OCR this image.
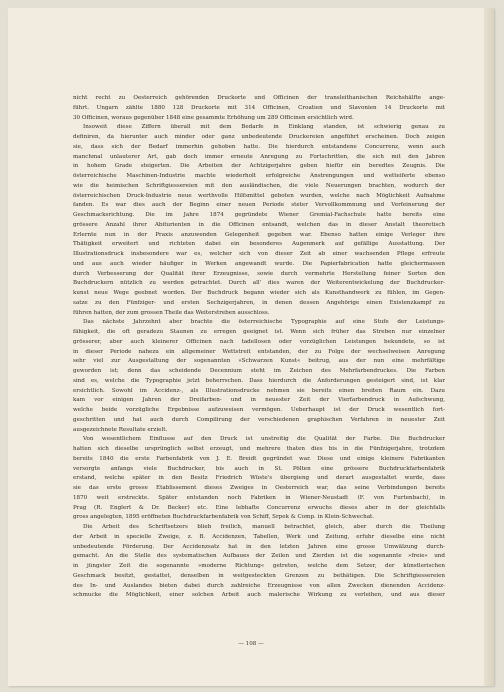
nicht recht zu Oesterreich gehörenden Druckorte und Officinen der transleithanischen Reichshälfte ange-
führt. Ungarn zählte 1880 128 Druckorte mit 314 Officinen, Croatien und Slavonien 14 Druckorte mit
30 Officinen, woraus gegenüber 1848 eine gesammte Erhöhung um 289 Officinen ersichtlich wird.
Insoweit diese Ziffern überall mit dem Bedarfe in Einklang standen, ist schwierig genau zu
definiren, da hierunter auch minder oder ganz unbedeutende Druckereien angeführt erscheinen. Doch zeigen
sie, dass sich der Bedarf immerhin gehoben hatte. Die hierdurch entstandene Concurrenz, wenn auch
manchmal unlauterer Art, gab doch immer erneute Anregung zu Fortschritten, die sich mit den Jahren
in hohem Grade steigerten. Die Arbeiten der Achtzigerjahre geben hiefür ein beredtes Zeugnis. Die
österreichische Maschinen-Industrie machte wiederholt erfolgreiche Anstrengungen und wetteiferte ebenso
wie die heimischen Schriftgiessereien mit den ausländischen, die viele Neuerungen brachten, wodurch der
österreichischen Druck-Industrie neue werthvolle Hilfsmittel geboten wurden, welche nach Möglichkeit Aufnahme
fanden. Es war dies auch der Beginn einer neuen Periode steter Vervollkommnung und Verfeinerung der
Geschmacksrichtung. Die im Jahre 1874 gegründete Wiener Gremial-Fachschule hatte bereits eine
grössere Anzahl ihrer Abiturienten in die Officinen entsandt, welchen das in dieser Anstalt theoretisch
Erlernte nun in der Praxis anzuwenden Gelegenheit gegeben war. Ebenso hatten einige Verleger ihre
Thätigkeit erweitert und richteten dabei ein besonderes Augenmerk auf gefällige Ausstattung. Der
Illustrationsdruck insbesondere war es, welcher sich von dieser Zeit ab einer wachsenden Pflege erfreute
und aus auch wieder häufiger in Werken angewandt wurde. Die Papierfabrication hatte gleichermassen
durch Verbesserung der Qualität ihrer Erzeugnisse, sowie durch vermehrte Herstellung feiner Sorten den
Buchdruckern nützlich zu werden getrachtet. Durch all' dies waren der Weiterentwickelung der Buchdrucker-
kunst neue Wege geebnet worden. Der Buchdruck begann wieder sich als Kunsthandwerk zu fühlen, im Gegen-
satze zu den Fünfziger- und ersten Sechzigerjahren, in denen dessen Angehörige einen Existenzkampf zu
führen hatten, der zum grossen Theile das Weiterstreben ausschloss.
Das nächste Jahrzehnt aber brachte die österreichische Typographie auf eine Stufe der Leistungs-
fähigkeit, die oft geradezu Staunen zu erregen geeignet ist. Wenn sich früher das Streben nur einzelner
grösserer, aber auch kleinerer Officinen nach tadellosen oder vorzüglichen Leistungen bekundete, so ist
in dieser Periode nahezu ein allgemeiner Wettstreit entstanden, der zu Folge der wechselweisen Anregung
sehr viel zur Ausgestaltung der sogenannten »Schwarzen Kunst« beitrug, aus der nun eine mehrfältige
geworden ist; denn das scheidende Decennium steht im Zeichen des Mehrfarbendruckes. Die Farben
sind es, welche die Typographie jetzt beherrschen. Dass hierdurch die Anforderungen gesteigert sind, ist klar
ersichtlich. Sowohl im Accidenz-, als Illustrationsdrucke nehmen sie bereits einen breiten Raum ein. Dazu
kam vor einigen Jahren der Dreifarben- und in neuester Zeit der Vierfarbendruck in Aufschwung,
welche beide vorzügliche Ergebnisse aufzuweisen vermögen. Ueberhaupt ist der Druck wesentlich fort-
geschritten und hat auch durch Compilirung der verschiedenen graphischen Verfahren in neuester Zeit
ausgezeichnete Resultate erzielt.
Von wesentlichem Einflusse auf den Druck ist unstreitig die Qualität der Farbe. Die Buchdrucker
hatten sich dieselbe ursprünglich selbst erzeugt, und mehrere thaten dies bis in die Fünfzigerjahre, trotzdem
bereits 1840 die erste Farbenfabrik von J. E. Breidt gegründet war. Diese und einige kleinere Fabrikanten
versorgte anfangs viele Buchdrucker, bis auch in St. Pölten eine grössere Buchdruckfarbenfabrik
erstand, welche später in den Besitz Friedrich Wüste's übergieng und derart ausgestaltet wurde, dass
sie das erste grosse Etablissement dieses Zweiges in Oesterreich war, das seine Verbindungen bereits
1870 weit erstreckte. Später entstanden noch Fabriken in Wiener-Neustadt (F. von Furtenbach), in
Prag (R. Englert & Dr. Becker) etc. Eine lebhafte Concurrenz erwuchs dieses aber in der gleichfalls
gross angelegten, 1895 eröffneten Buchdruckfarbenfabrik von Schiff, Srpek & Comp. in Klein-Schwechat.
Die Arbeit des Schriftsetzers blieb freilich, manuell betrachtet, gleich, aber durch die Theilung
der Arbeit in specielle Zweige, z. B. Accidenzen, Tabellen, Werk und Zeitung, erfuhr dieselbe eine nicht
unbedeutende Förderung. Der Accidenzsatz hat in den letzten Jahren eine grosse Umwälzung durch-
gemacht. An die Stelle des systematischen Aufbaues der Zeilen und Zierden ist die sogenannte »freie« und
in jüngster Zeit die sogenannte »moderne Richtung« getreten, welche dem Setzer, der künstlerischen
Geschmack besitzt, gestattet, denselben in weitgesteckten Grenzen zu bethätigen. Die Schriftgiessereien
des In- und Auslandes bieten dabei durch zahlreiche Erzeugnisse von allen Zwecken dienenden Accidenz-
schmucke die Möglichkeit, einer solchen Arbeit auch malerische Wirkung zu verleihen, und aus dieser
— 108 —
